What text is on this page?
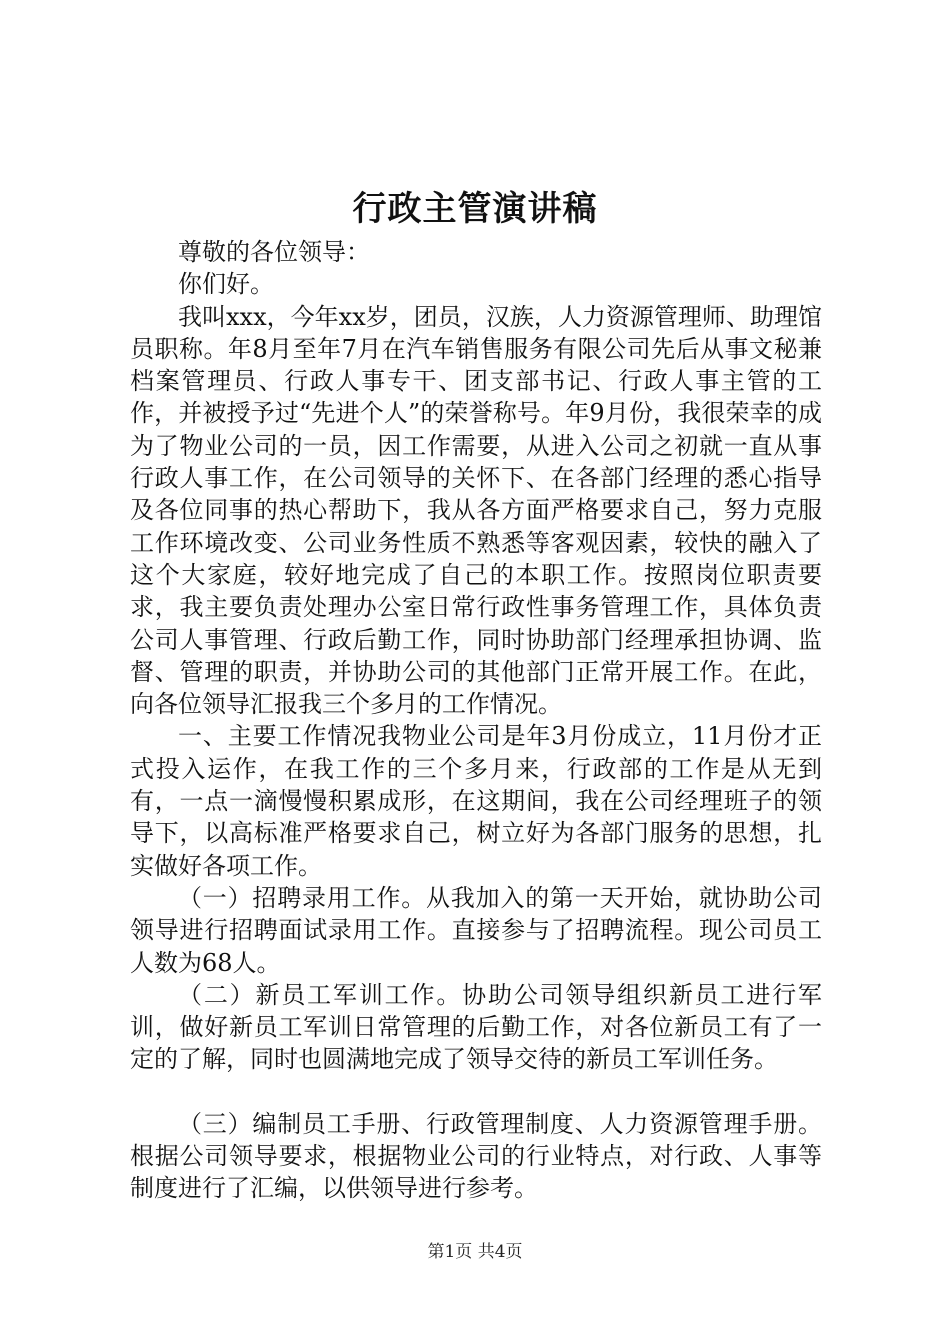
行政主管演讲稿

尊敬的各位领导：

你们好。

我叫xxx，今年xx岁，团员，汉族，人力资源管理师、助理馆员职称。年8月至年7月在汽车销售服务有限公司先后从事文秘兼档案管理员、行政人事专干、团支部书记、行政人事主管的工作，并被授予过“先进个人”的荣誉称号。年9月份，我很荣幸的成为了物业公司的一员，因工作需要，从进入公司之初就一直从事行政人事工作，在公司领导的关怀下、在各部门经理的悉心指导及各位同事的热心帮助下，我从各方面严格要求自己，努力克服工作环境改变、公司业务性质不熟悉等客观因素，较快的融入了这个大家庭，较好地完成了自己的本职工作。按照岗位职责要求，我主要负责处理办公室日常行政性事务管理工作，具体负责公司人事管理、行政后勤工作，同时协助部门经理承担协调、监督、管理的职责，并协助公司的其他部门正常开展工作。在此，向各位领导汇报我三个多月的工作情况。

一、主要工作情况我物业公司是年3月份成立，11月份才正式投入运作，在我工作的三个多月来，行政部的工作是从无到有，一点一滴慢慢积累成形，在这期间，我在公司经理班子的领导下，以高标准严格要求自己，树立好为各部门服务的思想，扎实做好各项工作。

（一）招聘录用工作。从我加入的第一天开始，就协助公司领导进行招聘面试录用工作。直接参与了招聘流程。现公司员工人数为68人。

（二）新员工军训工作。协助公司领导组织新员工进行军训，做好新员工军训日常管理的后勤工作，对各位新员工有了一定的了解，同时也圆满地完成了领导交待的新员工军训任务。

（三）编制员工手册、行政管理制度、人力资源管理手册。根据公司领导要求，根据物业公司的行业特点，对行政、人事等制度进行了汇编，以供领导进行参考。

第1页 共4页
